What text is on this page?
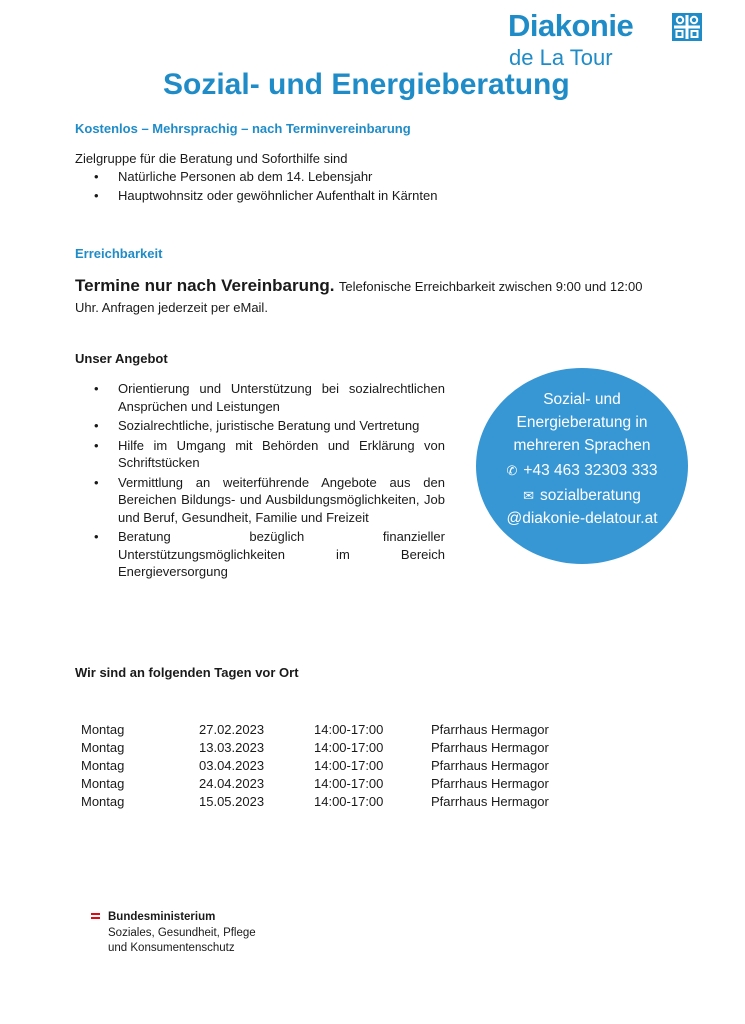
Diakonie
de La Tour
Sozial- und Energieberatung
Kostenlos – Mehrsprachig – nach Terminvereinbarung
Zielgruppe für die Beratung und Soforthilfe sind
• Natürliche Personen ab dem 14. Lebensjahr
• Hauptwohnsitz oder gewöhnlicher Aufenthalt in Kärnten
Erreichbarkeit
Termine nur nach Vereinbarung. Telefonische Erreichbarkeit zwischen 9:00 und 12:00
Uhr. Anfragen jederzeit per eMail.
Unser Angebot
• Orientierung und Unterstützung bei sozialrechtlichen Ansprüchen und Leistungen
• Sozialrechtliche, juristische Beratung und Vertretung
• Hilfe im Umgang mit Behörden und Erklärung von Schriftstücken
• Vermittlung an weiterführende Angebote aus den Bereichen Bildungs- und Ausbildungsmöglichkeiten, Job und Beruf, Gesundheit, Familie und Freizeit
• Beratung bezüglich finanzieller Unterstützungsmöglichkeiten im Bereich Energieversorgung
Sozial- und
Energieberatung in
mehreren Sprachen
✆ +43 463 32303 333
✉ sozialberatung
@diakonie-delatour.at
Wir sind an folgenden Tagen vor Ort
Montag	27.02.2023	14:00-17:00	Pfarrhaus Hermagor
Montag	13.03.2023	14:00-17:00	Pfarrhaus Hermagor
Montag	03.04.2023	14:00-17:00	Pfarrhaus Hermagor
Montag	24.04.2023	14:00-17:00	Pfarrhaus Hermagor
Montag	15.05.2023	14:00-17:00	Pfarrhaus Hermagor
Bundesministerium
Soziales, Gesundheit, Pflege
und Konsumentenschutz
